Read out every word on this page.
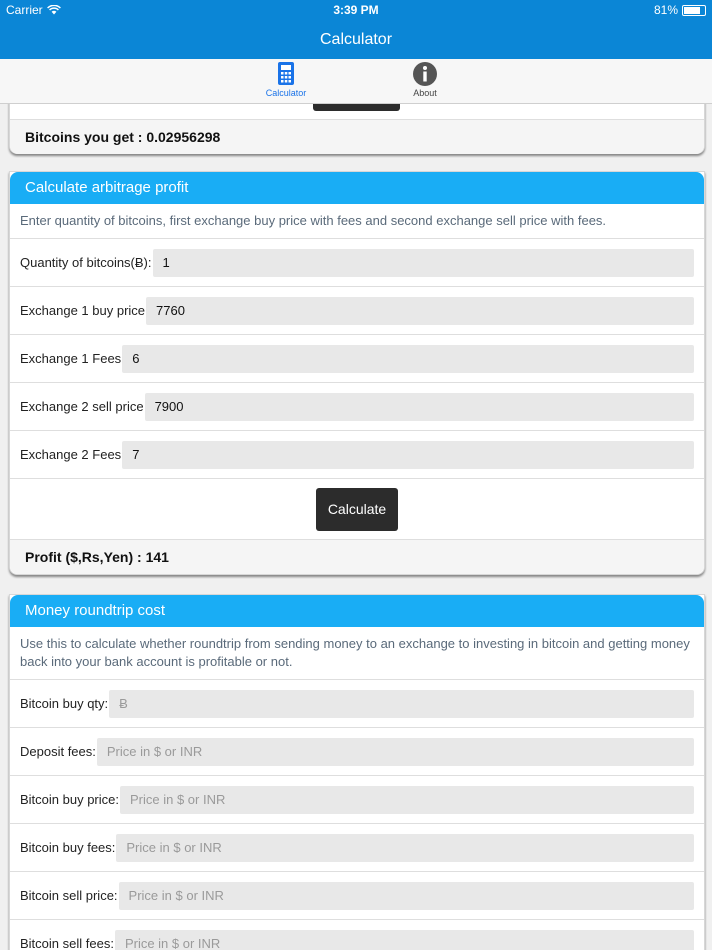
Carrier	3:39 PM	81%
Calculator
Calculator	About
Bitcoins you get : 0.02956298
Calculate arbitrage profit
Enter quantity of bitcoins, first exchange buy price with fees and second exchange sell price with fees.
Quantity of bitcoins(Ƀ):
1
Exchange 1 buy price
7760
Exchange 1 Fees
6
Exchange 2 sell price
7900
Exchange 2 Fees
7
Calculate
Profit ($,Rs,Yen) : 141
Money roundtrip cost
Use this to calculate whether roundtrip from sending money to an exchange to investing in bitcoin and getting money back into your bank account is profitable or not.
Bitcoin buy qty:
Ƀ
Deposit fees:
Price in $ or INR
Bitcoin buy price:
Price in $ or INR
Bitcoin buy fees:
Price in $ or INR
Bitcoin sell price:
Price in $ or INR
Bitcoin sell fees:
Price in $ or INR
